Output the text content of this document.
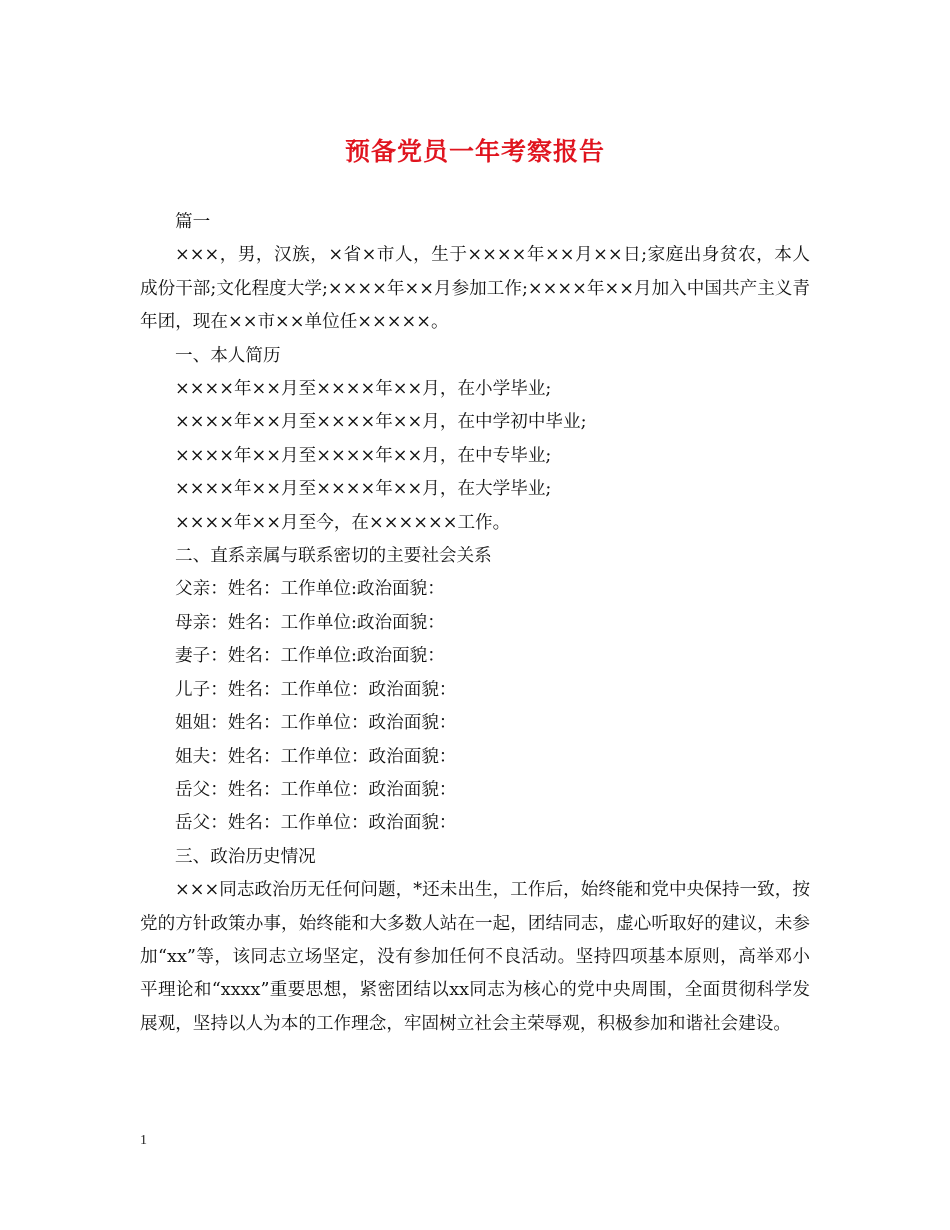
预备党员一年考察报告

篇一

×××，男，汉族，×省×市人，生于××××年××月××日;家庭出身贫农，本人成份干部;文化程度大学;××××年××月参加工作;××××年××月加入中国共产主义青年团，现在××市××单位任×××××。

一、本人简历

××××年××月至××××年××月，在小学毕业;

××××年××月至××××年××月，在中学初中毕业;

××××年××月至××××年××月，在中专毕业;

××××年××月至××××年××月，在大学毕业;

××××年××月至今，在××××××工作。

二、直系亲属与联系密切的主要社会关系

父亲：姓名：工作单位:政治面貌：

母亲：姓名：工作单位:政治面貌：

妻子：姓名：工作单位:政治面貌：

儿子：姓名：工作单位：政治面貌：

姐姐：姓名：工作单位：政治面貌：

姐夫：姓名：工作单位：政治面貌：

岳父：姓名：工作单位：政治面貌：

岳父：姓名：工作单位：政治面貌：

三、政治历史情况

×××同志政治历无任何问题，*还未出生，工作后，始终能和党中央保持一致，按党的方针政策办事，始终能和大多数人站在一起，团结同志，虚心听取好的建议，未参加“xx”等，该同志立场坚定，没有参加任何不良活动。坚持四项基本原则，高举邓小平理论和“xxxx”重要思想，紧密团结以xx同志为核心的党中央周围，全面贯彻科学发展观，坚持以人为本的工作理念，牢固树立社会主荣辱观，积极参加和谐社会建设。

1
